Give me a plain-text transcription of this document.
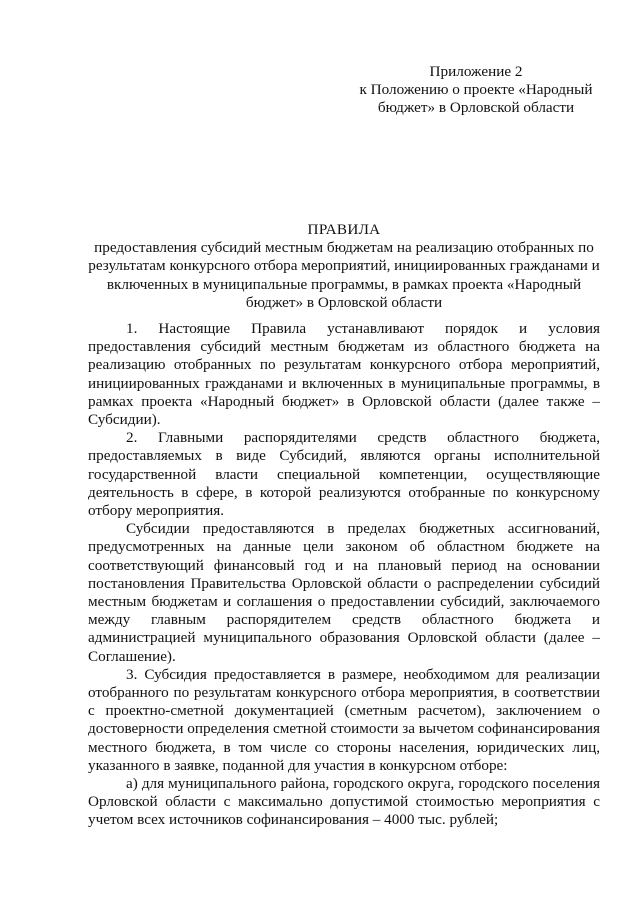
Приложение 2
к Положению о проекте «Народный
бюджет» в Орловской области
ПРАВИЛА
предоставления субсидий местным бюджетам на реализацию отобранных по результатам конкурсного отбора мероприятий, инициированных гражданами и включенных в муниципальные программы, в рамках проекта «Народный бюджет» в Орловской области

1. Настоящие Правила устанавливают порядок и условия предоставления субсидий местным бюджетам из областного бюджета на реализацию отобранных по результатам конкурсного отбора мероприятий, инициированных гражданами и включенных в муниципальные программы, в рамках проекта «Народный бюджет» в Орловской области (далее также – Субсидии).

2. Главными распорядителями средств областного бюджета, предоставляемых в виде Субсидий, являются органы исполнительной государственной власти специальной компетенции, осуществляющие деятельность в сфере, в которой реализуются отобранные по конкурсному отбору мероприятия.

Субсидии предоставляются в пределах бюджетных ассигнований, предусмотренных на данные цели законом об областном бюджете на соответствующий финансовый год и на плановый период на основании постановления Правительства Орловской области о распределении субсидий местным бюджетам и соглашения о предоставлении субсидий, заключаемого между главным распорядителем средств областного бюджета и администрацией муниципального образования Орловской области (далее – Соглашение).

3. Субсидия предоставляется в размере, необходимом для реализации отобранного по результатам конкурсного отбора мероприятия, в соответствии с проектно-сметной документацией (сметным расчетом), заключением о достоверности определения сметной стоимости за вычетом софинансирования местного бюджета, в том числе со стороны населения, юридических лиц, указанного в заявке, поданной для участия в конкурсном отборе:

а) для муниципального района, городского округа, городского поселения Орловской области с максимально допустимой стоимостью мероприятия с учетом всех источников софинансирования – 4000 тыс. рублей;
